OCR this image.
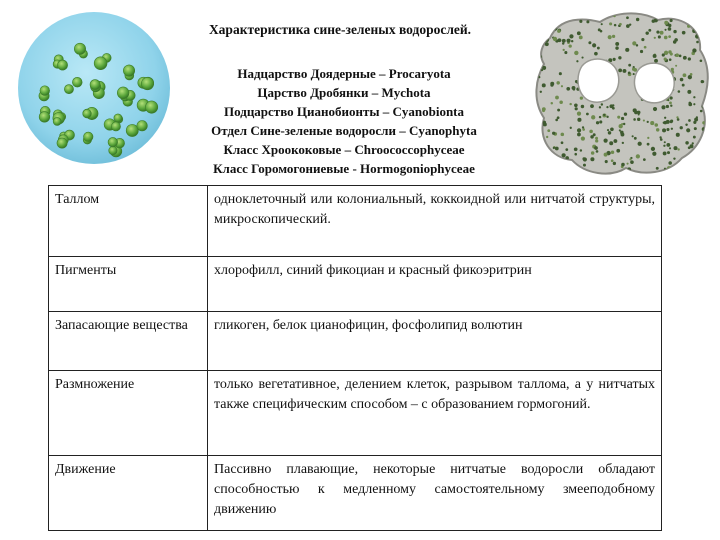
Характеристика сине-зеленых водорослей.
Надцарство Доядерные – Procaryota
Царство Дробянки – Mychota
Подцарство Цианобионты – Cyanobionta
Отдел Сине-зеленые водоросли – Cyanophyta
Класс Хроококовые – Chroococcophyceae
Класс Горомогониевые - Hormogoniophyceae
Таллом	одноклеточный или колониальный, коккоидной или нитчатой структуры, микроскопический.
Пигменты	хлорофилл, синий фикоциан и красный фикоэритрин
Запасающие вещества	гликоген, белок цианофицин, фосфолипид волютин
Размножение	только вегетативное, делением клеток, разрывом таллома, а у нитчатых также специфическим способом – с образованием гормогоний.
Движение	Пассивно плавающие, некоторые нитчатые водоросли обладают способностью к медленному самостоятельному змееподобному движению
